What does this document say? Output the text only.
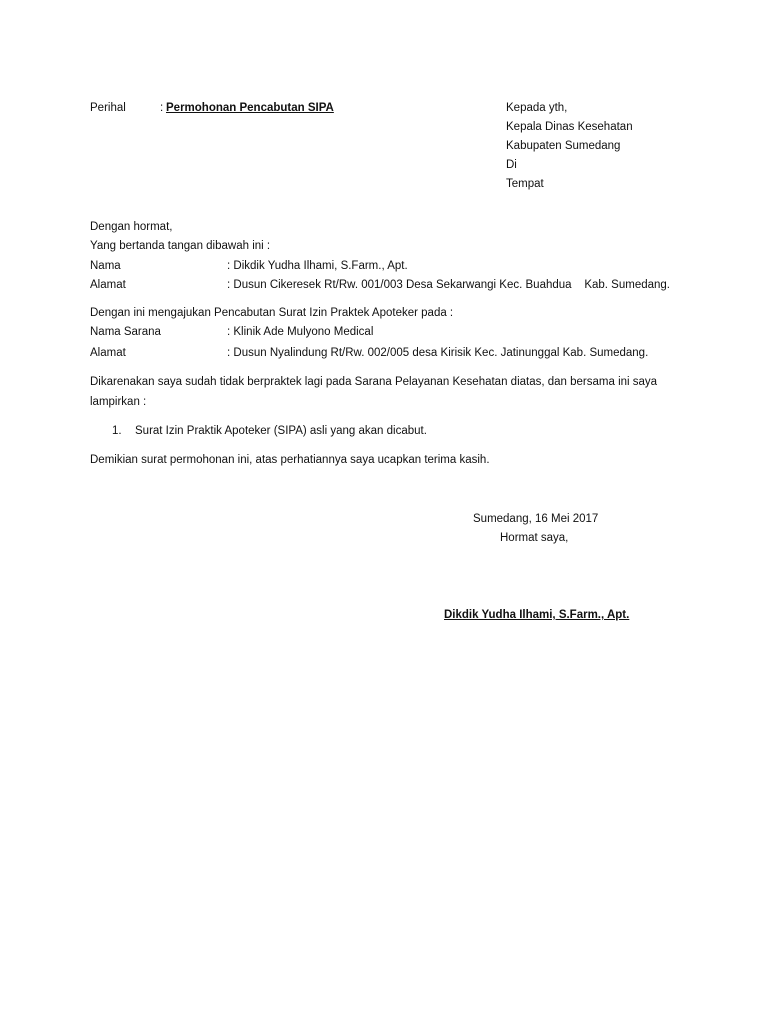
Perihal	: Permohonan Pencabutan SIPA	Kepada yth,
Kepala Dinas Kesehatan
Kabupaten Sumedang
Di
Tempat
Dengan hormat,
Yang bertanda tangan dibawah ini :
Nama	: Dikdik Yudha Ilhami, S.Farm., Apt.
Alamat	: Dusun Cikeresek Rt/Rw. 001/003 Desa Sekarwangi Kec. Buahdua    Kab. Sumedang.
Dengan ini mengajukan Pencabutan Surat Izin Praktek Apoteker pada :
Nama Sarana	: Klinik Ade Mulyono Medical
Alamat	: Dusun Nyalindung Rt/Rw. 002/005 desa Kirisik Kec. Jatinunggal Kab. Sumedang.
Dikarenakan saya sudah tidak berpraktek lagi pada Sarana Pelayanan Kesehatan diatas, dan bersama ini saya
lampirkan :
1. Surat Izin Praktik Apoteker (SIPA) asli yang akan dicabut.
Demikian surat permohonan ini, atas perhatiannya saya ucapkan terima kasih.
Sumedang, 16 Mei 2017
Hormat saya,
Dikdik Yudha Ilhami, S.Farm., Apt.
